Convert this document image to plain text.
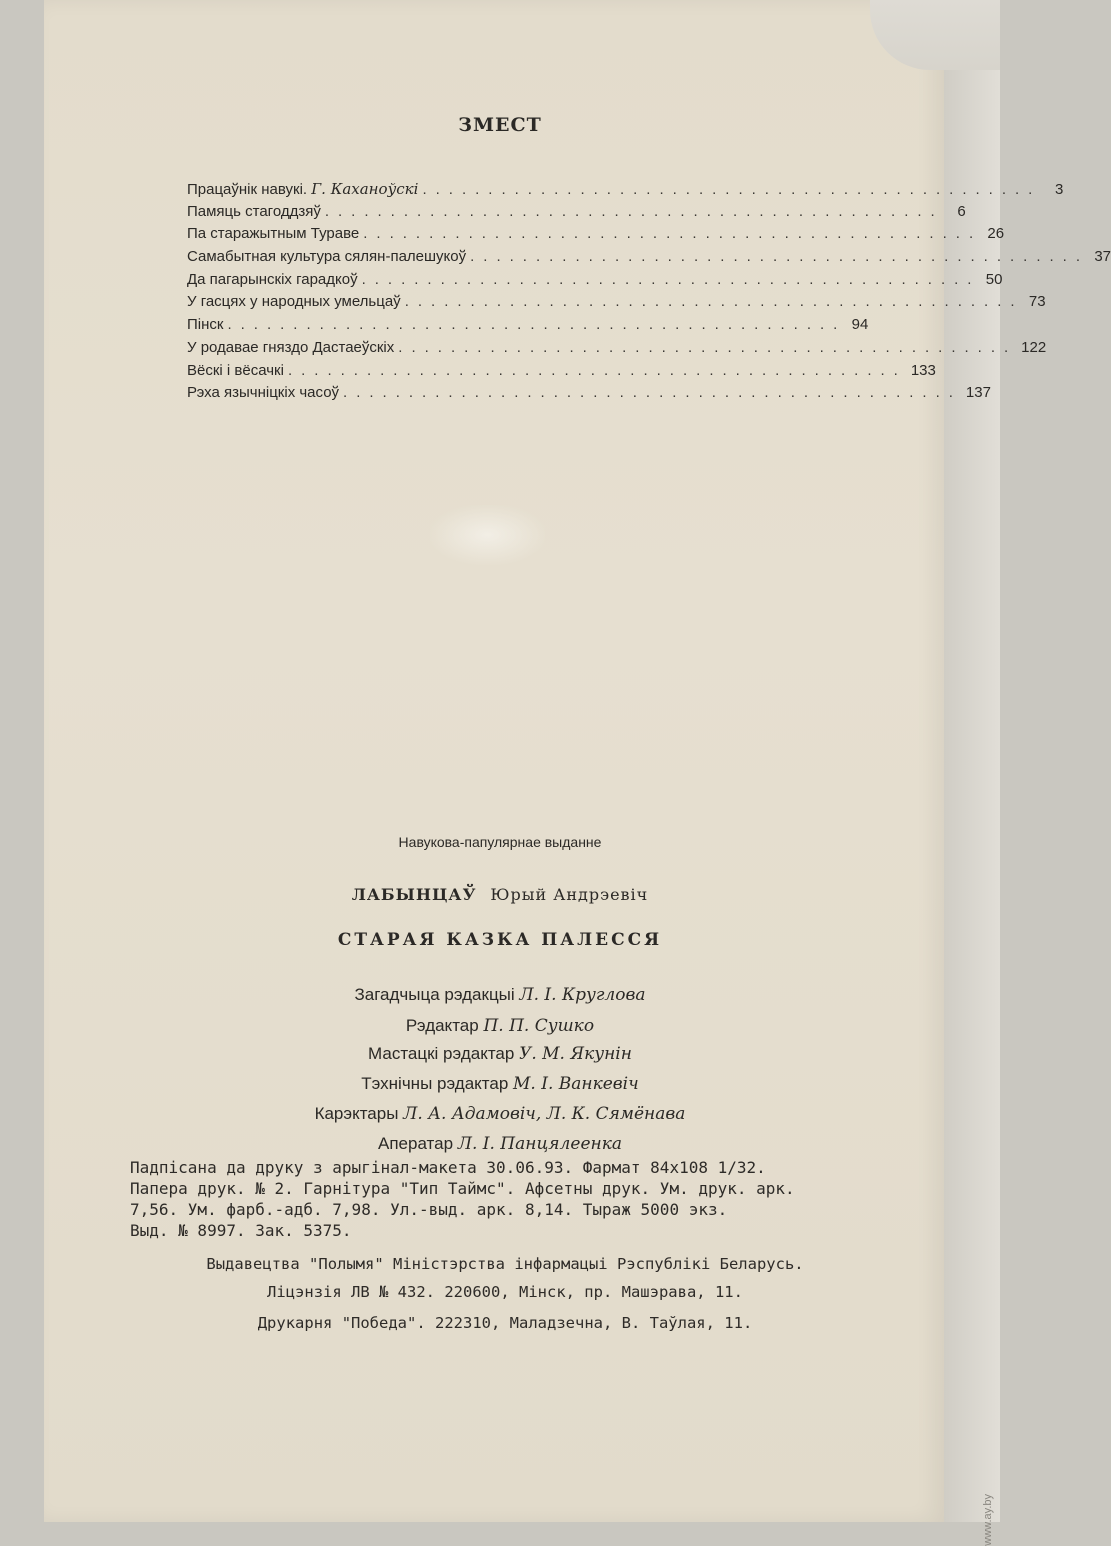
ЗМЕСТ
Працаўнік навукі. Г. Каханоўскі ............................................... 3
Памяць стагоддзяў ............................................... 6
Па старажытным Тураве ............................................... 26
Самабытная культура сялян-палешукоў ............................................... 37
Да пагарынскіх гарадкоў ............................................... 50
У гасцях у народных умельцаў ............................................... 73
Пінск ............................................... 94
У родавае гняздо Дастаеўскіх ............................................... 122
Вёскі і вёсачкі ............................................... 133
Рэха язычніцкіх часоў ............................................... 137
Навукова-папулярнае выданне
ЛАБЫНЦАЎ Юрый Андрэевіч
СТАРАЯ КАЗКА ПАЛЕССЯ
Загадчыца рэдакцыі Л. І. Круглова
Рэдактар П. П. Сушко
Мастацкі рэдактар У. М. Якунін
Тэхнічны рэдактар М. І. Ванкевіч
Карэктары Л. А. Адамовіч, Л. К. Сямёнава
Аператар Л. І. Панцялеенка
Падпісана да друку з арыгінал-макета 30.06.93. Фармат 84х108 1/32.
Папера друк. № 2. Гарнітура "Тип Таймс". Афсетны друк. Ум. друк. арк.
7,56. Ум. фарб.-адб. 7,98. Ул.-выд. арк. 8,14. Тыраж 5000 экз.
Выд. № 8997. Зак. 5375.
Выдавецтва "Полымя" Міністэрства інфармацыі Рэспублікі Беларусь.
Ліцэнзія ЛВ № 432. 220600, Мінск, пр. Машэрава, 11.
Друкарня "Победа". 222310, Маладзечна, В. Таўлая, 11.
www.ay.by
